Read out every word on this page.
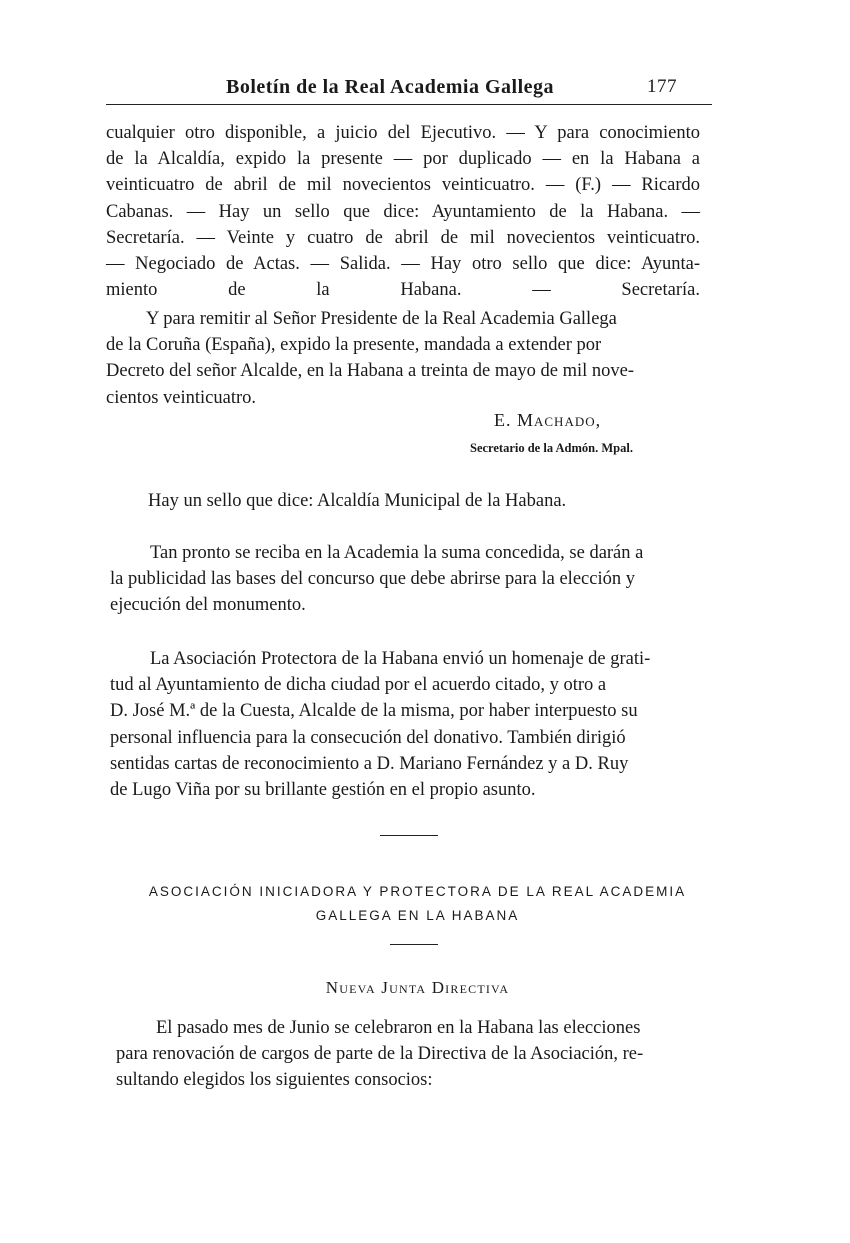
Boletín de la Real Academia Gallega	177

cualquier otro disponible, a juicio del Ejecutivo. — Y para conocimiento
de la Alcaldía, expido la presente — por duplicado — en la Habana a
veinticuatro de abril de mil novecientos veinticuatro. — (F.) — Ricardo
Cabanas. — Hay un sello que dice: Ayuntamiento de la Habana. —
Secretaría. — Veinte y cuatro de abril de mil novecientos veinticuatro.
— Negociado de Actas. — Salida. — Hay otro sello que dice: Ayunta-
miento de la Habana. — Secretaría.

Y para remitir al Señor Presidente de la Real Academia Gallega
de la Coruña (España), expido la presente, mandada a extender por
Decreto del señor Alcalde, en la Habana a treinta de mayo de mil nove-
cientos veinticuatro.

E. Machado,
Secretario de la Admón. Mpal.

Hay un sello que dice: Alcaldía Municipal de la Habana.

Tan pronto se reciba en la Academia la suma concedida, se darán a
la publicidad las bases del concurso que debe abrirse para la elección y
ejecución del monumento.

La Asociación Protectora de la Habana envió un homenaje de grati-
tud al Ayuntamiento de dicha ciudad por el acuerdo citado, y otro a
D. José M.ª de la Cuesta, Alcalde de la misma, por haber interpuesto su
personal influencia para la consecución del donativo. También dirigió
sentidas cartas de reconocimiento a D. Mariano Fernández y a D. Ruy
de Lugo Viña por su brillante gestión en el propio asunto.

ASOCIACIÓN INICIADORA Y PROTECTORA DE LA REAL ACADEMIA
GALLEGA EN LA HABANA
Nueva Junta Directiva

El pasado mes de Junio se celebraron en la Habana las elecciones
para renovación de cargos de parte de la Directiva de la Asociación, re-
sultando elegidos los siguientes consocios:
